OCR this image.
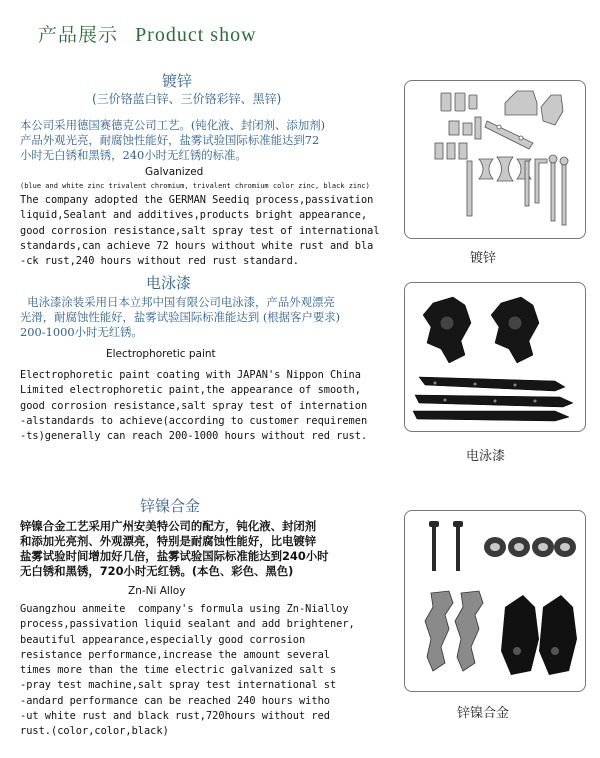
产品展示 Product show
镀锌
(三价铬蓝白锌、三价铬彩锌、黑锌)
本公司采用德国赛德克公司工艺。(钝化液、封闭剂、添加剂)
产品外观光亮，耐腐蚀性能好，盐雾试验国际标准能达到72
小时无白锈和黑锈，240小时无红锈的标准。
Galvanized
(blue and white zinc trivalent chromium, trivalent chromium color zinc, black zinc)
The company adopted the GERMAN Seediq process,passivation
liquid,Sealant and additives,products bright appearance,
good corrosion resistance,salt spray test of international
standards,can achieve 72 hours without white rust and bla
-ck rust,240 hours without red rust standard.	镀锌
电泳漆
电泳漆涂装采用日本立邦中国有限公司电泳漆，产品外观漂亮
光滑，耐腐蚀性能好，盐雾试验国际标准能达到 (根据客户要求)
200-1000小时无红锈。
Electrophoretic paint
Electrophoretic paint coating with JAPAN's Nippon China
Limited electrophoretic paint,the appearance of smooth,
good corrosion resistance,salt spray test of internation
-alstandards to achieve(according to customer requiremen
-ts)generally can reach 200-1000 hours without red rust.
电泳漆
锌镍合金
锌镍合金工艺采用广州安美特公司的配方，钝化液、封闭剂
和添加光亮剂、外观漂亮，特别是耐腐蚀性能好，比电镀锌
盐雾试验时间增加好几倍，盐雾试验国际标准能达到240小时
无白锈和黑锈，720小时无红锈。(本色、彩色、黑色)
Zn-Ni Alloy
Guangzhou anmeite  company's formula using Zn-Nialloy
process,passivation liquid sealant and add brightener,
beautiful appearance,especially good corrosion
resistance performance,increase the amount several
times more than the time electric galvanized salt s
-pray test machine,salt spray test international st
-andard performance can be reached 240 hours witho
-ut white rust and black rust,720hours without red
rust.(color,color,black)
锌镍合金
